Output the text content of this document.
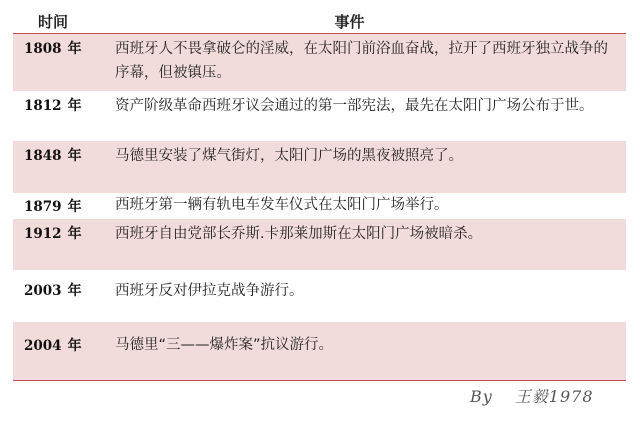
时间	事件
1808 年	西班牙人不畏拿破仑的淫威，在太阳门前浴血奋战，拉开了西班牙独立战争的序幕，但被镇压。
1812 年	资产阶级革命西班牙议会通过的第一部宪法，最先在太阳门广场公布于世。
1848 年	马德里安装了煤气街灯，太阳门广场的黑夜被照亮了。
1879 年	西班牙第一辆有轨电车发车仪式在太阳门广场举行。
1912 年	西班牙自由党部长乔斯.卡那莱加斯在太阳门广场被暗杀。
2003 年	西班牙反对伊拉克战争游行。
2004 年	马德里“三——爆炸案”抗议游行。
By 王毅1978
